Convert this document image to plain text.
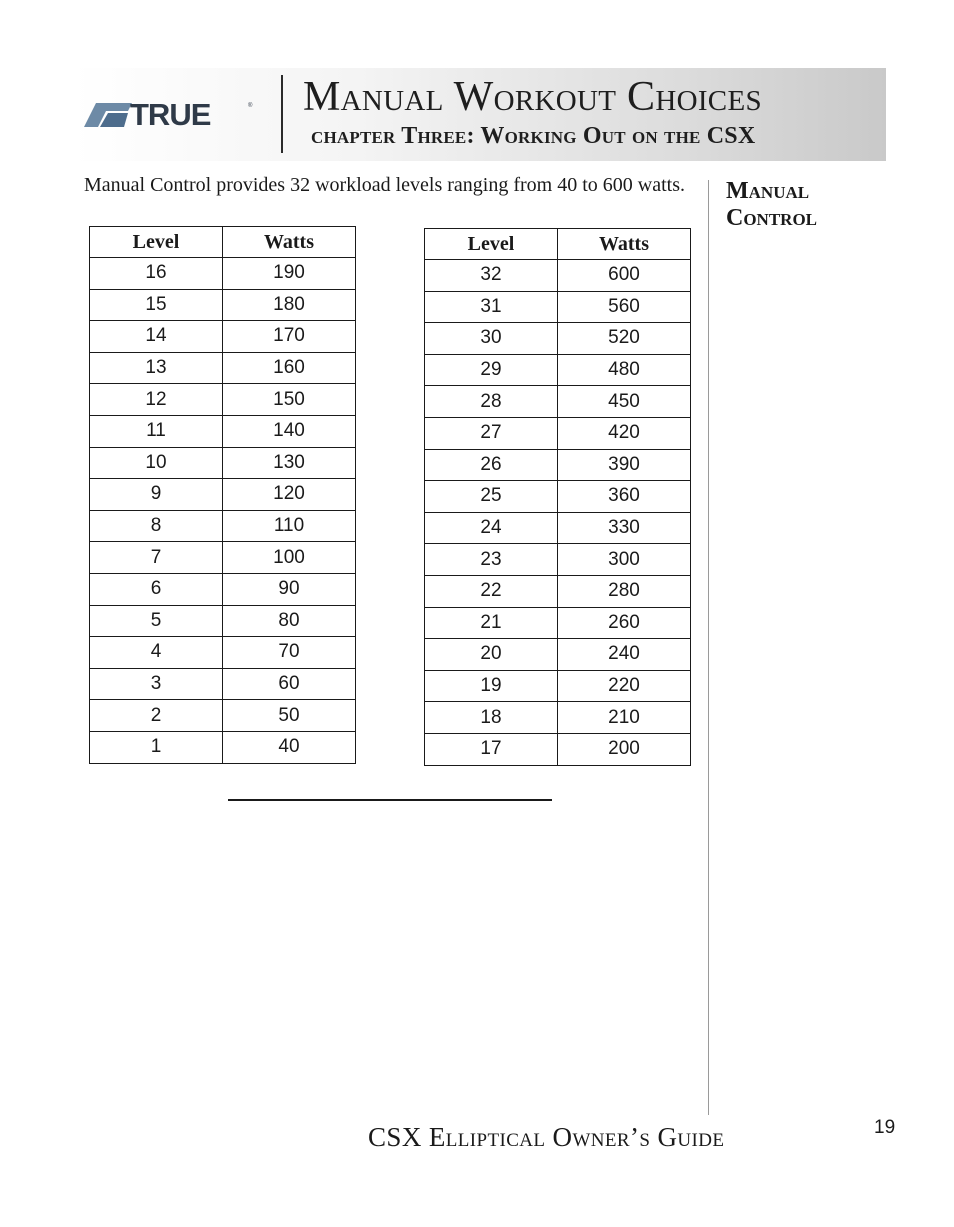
TRUE	® Manual Workout Choices
chapter Three: Working Out on the CSX

Manual Control provides 32 workload levels ranging from 40 to 600 watts.	Manual
Control
Level	Watts
16	190
15	180
14	170
13	160
12	150
11	140
10	130
9	120
8	110
7	100
6	90
5	80
4	70
3	60
2	50
1	40
Level	Watts
32	600
31	560
30	520
29	480
28	450
27	420
26	390
25	360
24	330
23	300
22	280
21	260
20	240
19	220
18	210
17	200
CSX Elliptical Owner’s Guide	19
